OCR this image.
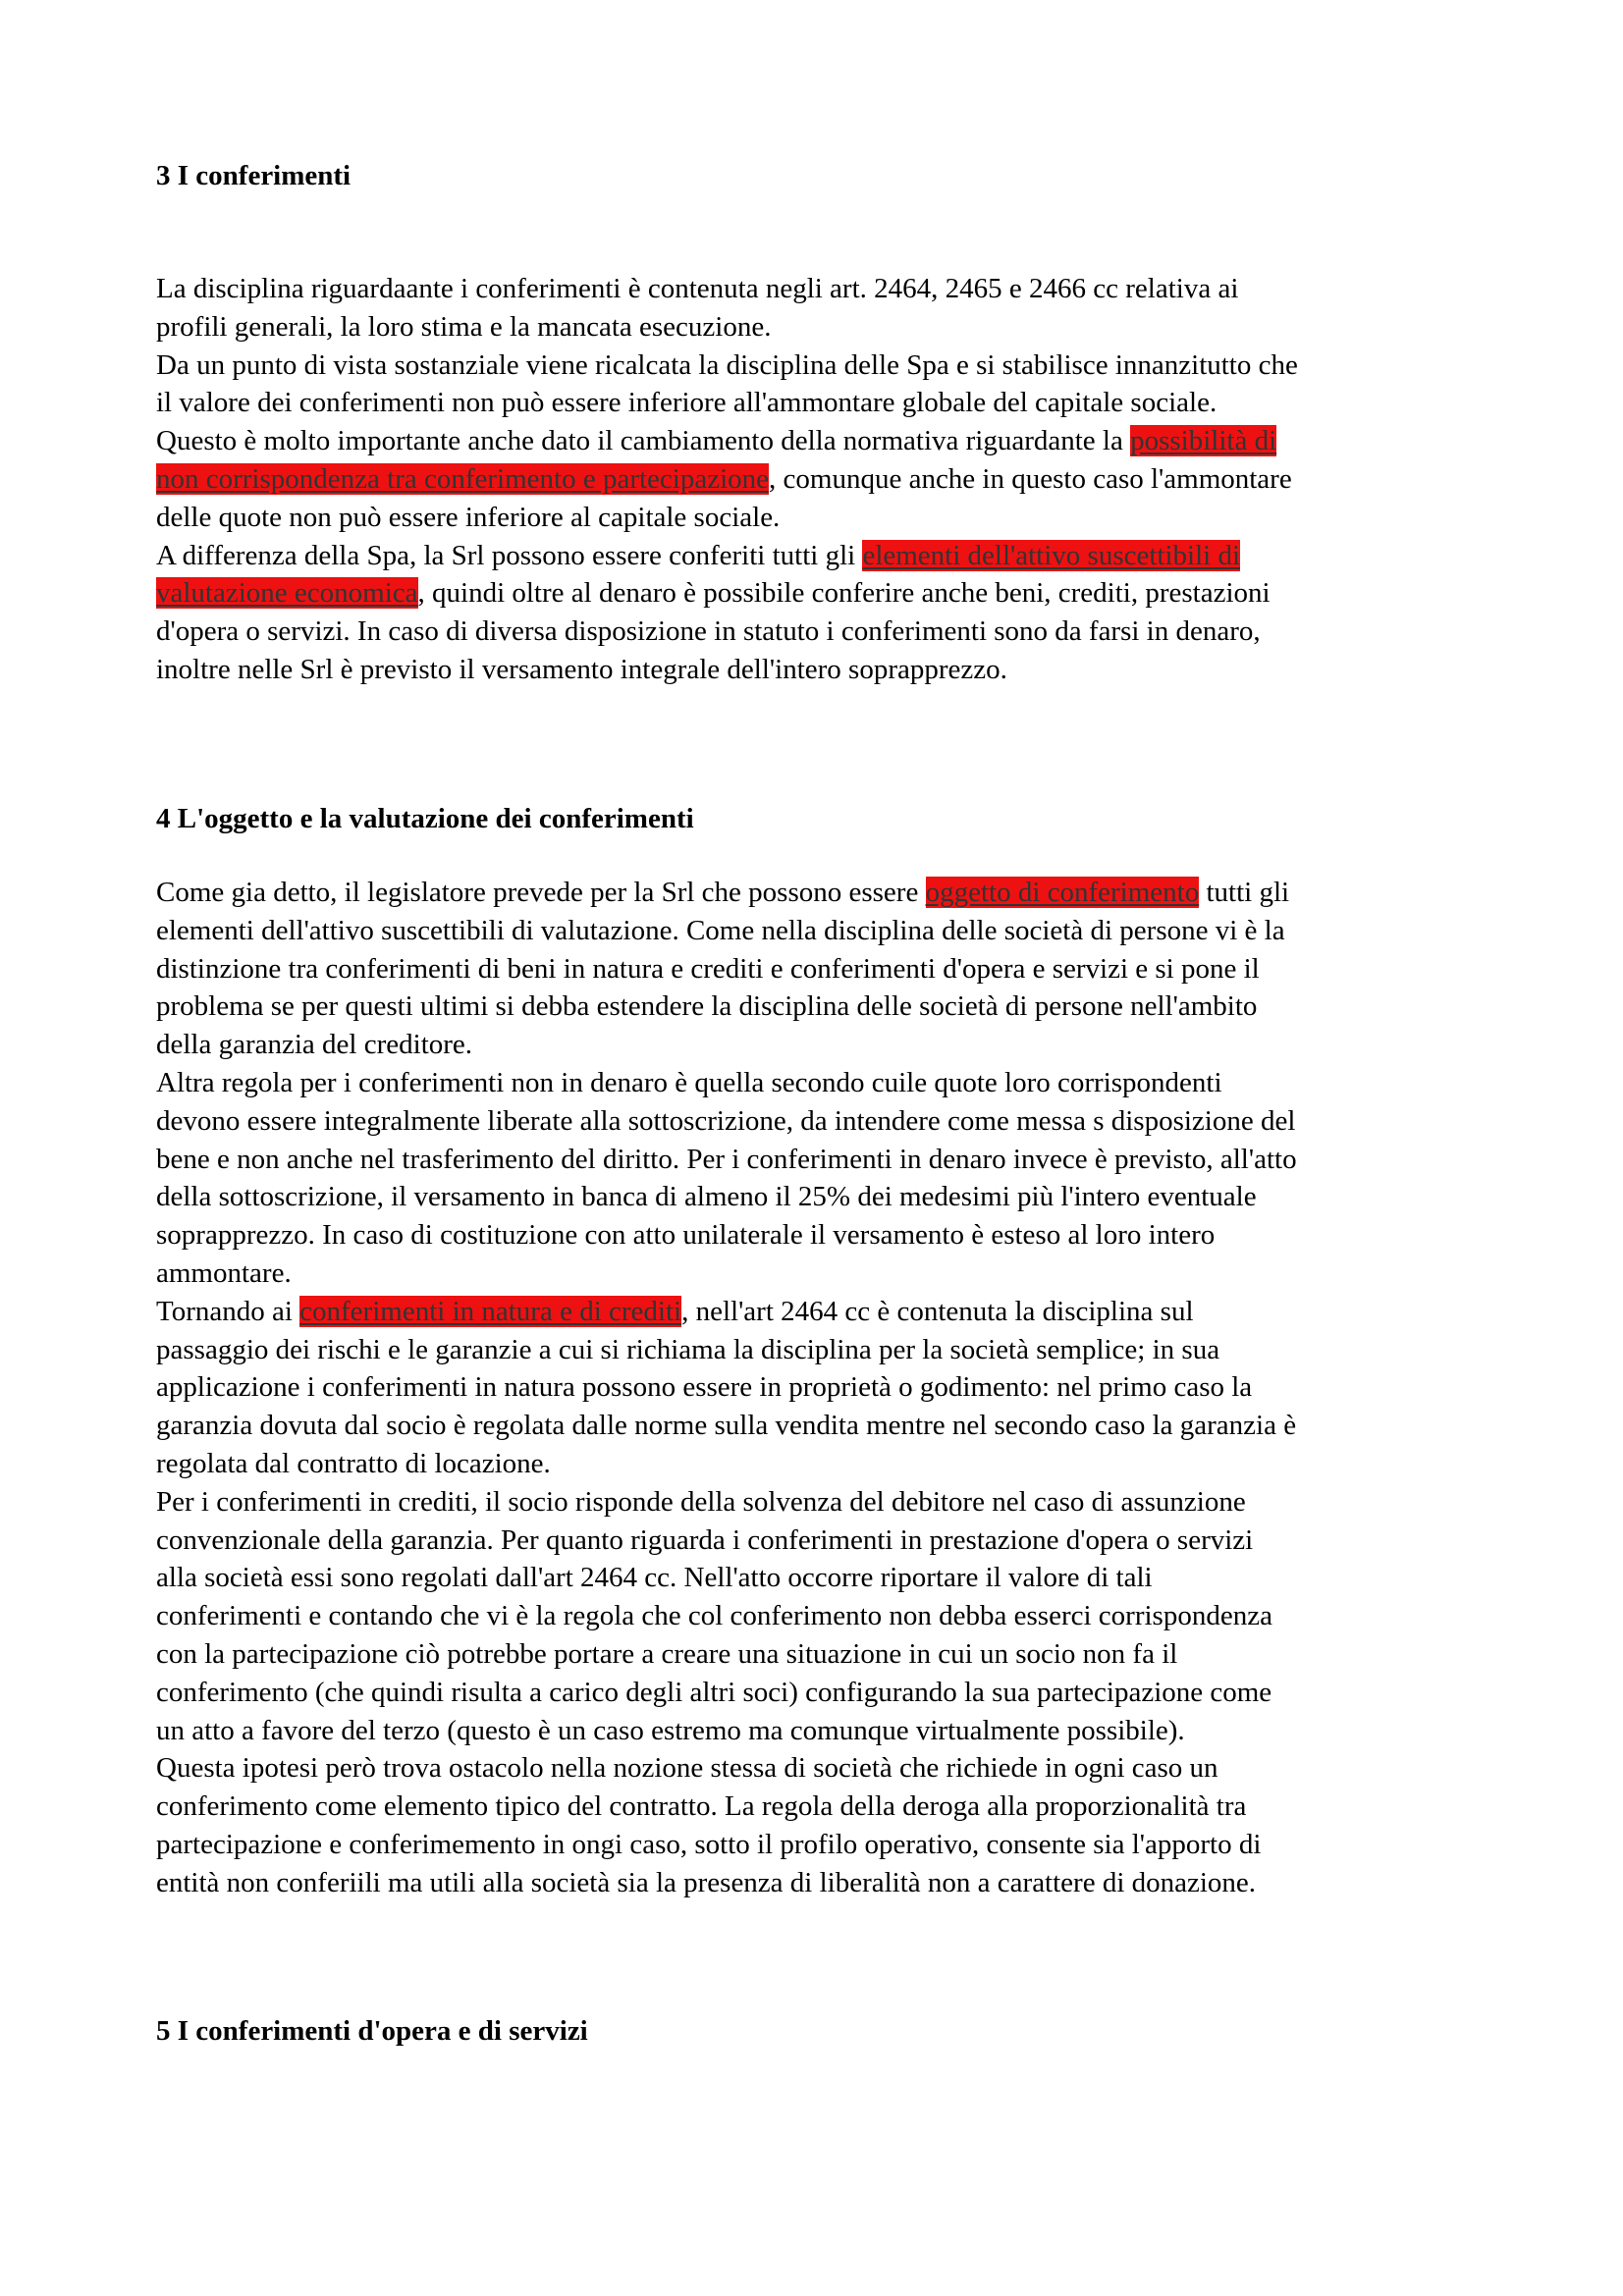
3 I conferimenti
La disciplina riguardaante i conferimenti è contenuta negli art. 2464, 2465 e 2466 cc relativa ai
profili generali, la loro stima e la mancata esecuzione.
Da un punto di vista sostanziale viene ricalcata la disciplina delle Spa e si stabilisce innanzitutto che
il valore dei conferimenti non può essere inferiore all'ammontare globale del capitale sociale.
Questo è molto importante anche dato il cambiamento della normativa riguardante la possibilità di
non corrispondenza tra conferimento e partecipazione, comunque anche in questo caso l'ammontare
delle quote non può essere inferiore al capitale sociale.
A differenza della Spa, la Srl possono essere conferiti tutti gli elementi dell'attivo suscettibili di
valutazione economica, quindi oltre al denaro è possibile conferire anche beni, crediti, prestazioni
d'opera o servizi. In caso di diversa disposizione in statuto i conferimenti sono da farsi in denaro,
inoltre nelle Srl è previsto il versamento integrale dell'intero soprapprezzo.
4 L'oggetto e la valutazione dei conferimenti
Come gia detto, il legislatore prevede per la Srl che possono essere oggetto di conferimento tutti gli
elementi dell'attivo suscettibili di valutazione. Come nella disciplina delle società di persone vi è la
distinzione tra conferimenti di beni in natura e crediti e conferimenti d'opera e servizi e si pone il
problema se per questi ultimi si debba estendere la disciplina delle società di persone nell'ambito
della garanzia del creditore.
Altra regola per i conferimenti non in denaro è quella secondo cuile quote loro corrispondenti
devono essere integralmente liberate alla sottoscrizione, da intendere come messa s disposizione del
bene e non anche nel trasferimento del diritto. Per i conferimenti in denaro invece è previsto, all'atto
della sottoscrizione, il versamento in banca di almeno il 25% dei medesimi più l'intero eventuale
soprapprezzo. In caso di costituzione con atto unilaterale il versamento è esteso al loro intero
ammontare.
Tornando ai conferimenti in natura e di crediti, nell'art 2464 cc è contenuta la disciplina sul
passaggio dei rischi e le garanzie a cui si richiama la disciplina per la società semplice; in sua
applicazione i conferimenti in natura possono essere in proprietà o godimento: nel primo caso la
garanzia dovuta dal socio è regolata dalle norme sulla vendita mentre nel secondo caso la garanzia è
regolata dal contratto di locazione.
Per i conferimenti in crediti, il socio risponde della solvenza del debitore nel caso di assunzione
convenzionale della garanzia. Per quanto riguarda i conferimenti in prestazione d'opera o servizi
alla società essi sono regolati dall'art 2464 cc. Nell'atto occorre riportare il valore di tali
conferimenti e contando che vi è la regola che col conferimento non debba esserci corrispondenza
con la partecipazione ciò potrebbe portare a creare una situazione in cui un socio non fa il
conferimento (che quindi risulta a carico degli altri soci) configurando la sua partecipazione come
un atto a favore del terzo (questo è un caso estremo ma comunque virtualmente possibile).
Questa ipotesi però trova ostacolo nella nozione stessa di società che richiede in ogni caso un
conferimento come elemento tipico del contratto. La regola della deroga alla proporzionalità tra
partecipazione e conferimemento in ongi caso, sotto il profilo operativo, consente sia l'apporto di
entità non conferiili ma utili alla società sia la presenza di liberalità non a carattere di donazione.
5 I conferimenti d'opera e di servizi
